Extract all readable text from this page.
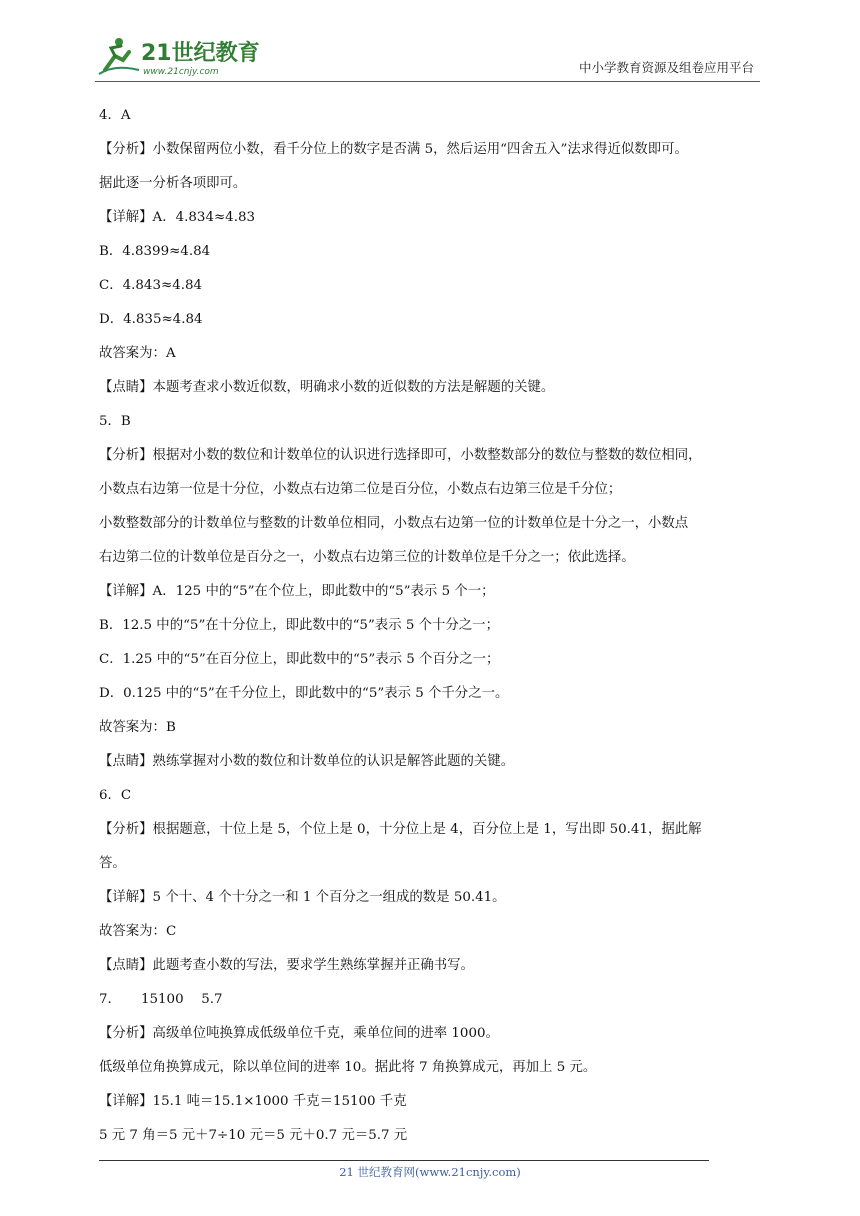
21世纪教育
www.21cnjy.com	中小学教育资源及组卷应用平台
4．A
【分析】小数保留两位小数，看千分位上的数字是否满 5，然后运用“四舍五入”法求得近似数即可。
据此逐一分析各项即可。
【详解】A．4.834≈4.83
B．4.8399≈4.84
C．4.843≈4.84
D．4.835≈4.84
故答案为：A
【点睛】本题考查求小数近似数，明确求小数的近似数的方法是解题的关键。
5．B
【分析】根据对小数的数位和计数单位的认识进行选择即可，小数整数部分的数位与整数的数位相同，
小数点右边第一位是十分位，小数点右边第二位是百分位，小数点右边第三位是千分位；
小数整数部分的计数单位与整数的计数单位相同，小数点右边第一位的计数单位是十分之一，小数点
右边第二位的计数单位是百分之一，小数点右边第三位的计数单位是千分之一；依此选择。
【详解】A．125 中的“5”在个位上，即此数中的“5”表示 5 个一；
B．12.5 中的“5”在十分位上，即此数中的“5”表示 5 个十分之一；
C．1.25 中的“5”在百分位上，即此数中的“5”表示 5 个百分之一；
D．0.125 中的“5”在千分位上，即此数中的“5”表示 5 个千分之一。
故答案为：B
【点睛】熟练掌握对小数的数位和计数单位的认识是解答此题的关键。
6．C
【分析】根据题意，十位上是 5，个位上是 0，十分位上是 4，百分位上是 1，写出即 50.41，据此解
答。
【详解】5 个十、4 个十分之一和 1 个百分之一组成的数是 50.41。
故答案为：C
【点睛】此题考查小数的写法，要求学生熟练掌握并正确书写。
7．　　15100　 5.7
【分析】高级单位吨换算成低级单位千克，乘单位间的进率 1000。
低级单位角换算成元，除以单位间的进率 10。据此将 7 角换算成元，再加上 5 元。
【详解】15.1 吨＝15.1×1000 千克＝15100 千克
5 元 7 角＝5 元＋7÷10 元＝5 元＋0.7 元＝5.7 元
21 世纪教育网(www.21cnjy.com)
